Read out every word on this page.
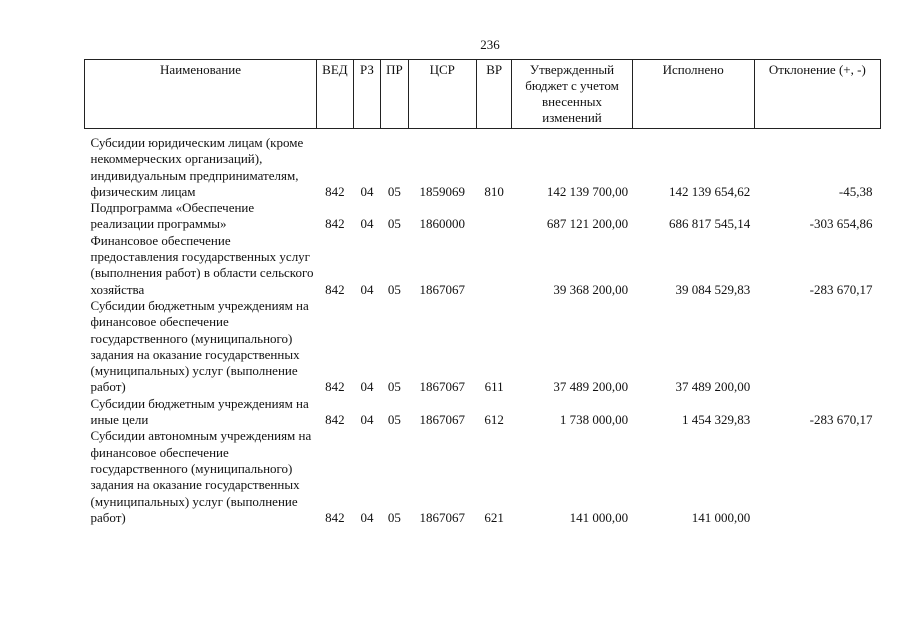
236
Наименование	ВЕД	РЗ	ПР	ЦСР	ВР	Утвержденный бюджет с учетом внесенных изменений	Исполнено	Отклонение (+, -)
Субсидии юридическим лицам (кроме некоммерческих организаций), индивидуальным предпринимателям, физическим лицам	842	04	05	1859069	810	142 139 700,00	142 139 654,62	-45,38
Подпрограмма «Обеспечение реализации программы»	842	04	05	1860000		687 121 200,00	686 817 545,14	-303 654,86
Финансовое обеспечение предоставления государственных услуг (выполнения работ) в области сельского хозяйства	842	04	05	1867067		39 368 200,00	39 084 529,83	-283 670,17
Субсидии бюджетным учреждениям на финансовое обеспечение государственного (муниципального) задания на оказание государственных (муниципальных) услуг (выполнение работ)	842	04	05	1867067	611	37 489 200,00	37 489 200,00	
Субсидии бюджетным учреждениям на иные цели	842	04	05	1867067	612	1 738 000,00	1 454 329,83	-283 670,17
Субсидии автономным учреждениям на финансовое обеспечение государственного (муниципального) задания на оказание государственных (муниципальных) услуг (выполнение работ)	842	04	05	1867067	621	141 000,00	141 000,00	
